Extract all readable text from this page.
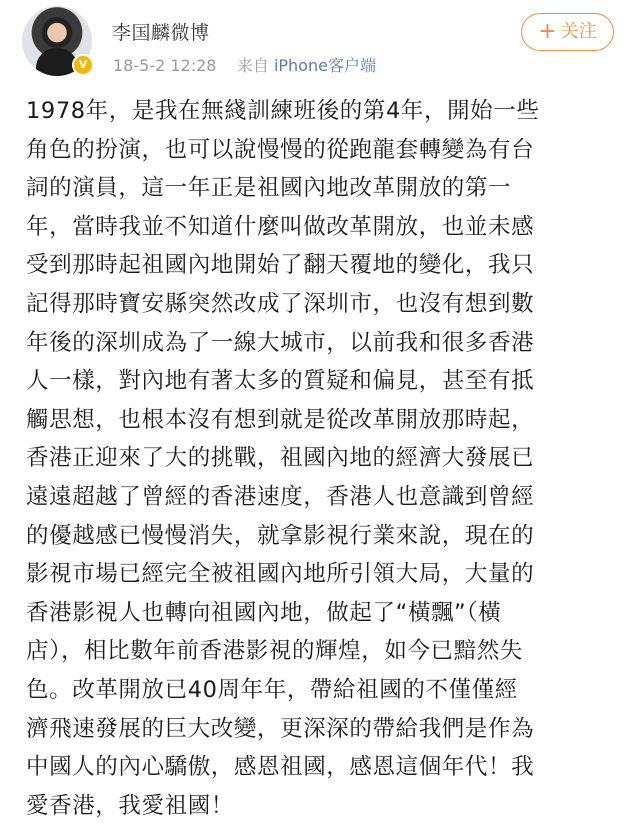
V
李国麟微博
18-5-2 12:28 来自 iPhone客户端
+ 关注
1978年，是我在無綫訓練班後的第4年，開始一些
角色的扮演，也可以說慢慢的從跑龍套轉變為有台
詞的演員，這一年正是祖國內地改革開放的第一
年，當時我並不知道什麼叫做改革開放，也並未感
受到那時起祖國內地開始了翻天覆地的變化，我只
記得那時寶安縣突然改成了深圳市，也沒有想到數
年後的深圳成為了一線大城市，以前我和很多香港
人一樣，對內地有著太多的質疑和偏見，甚至有抵
觸思想，也根本沒有想到就是從改革開放那時起，
香港正迎來了大的挑戰，祖國內地的經濟大發展已
遠遠超越了曾經的香港速度，香港人也意識到曾經
的優越感已慢慢消失，就拿影視行業來說，現在的
影視市場已經完全被祖國內地所引領大局，大量的
香港影視人也轉向祖國內地，做起了“橫飄”（橫
店），相比數年前香港影視的輝煌，如今已黯然失
色。改革開放已40周年年，帶給祖國的不僅僅經
濟飛速發展的巨大改變，更深深的帶給我們是作為
中國人的內心驕傲，感恩祖國，感恩這個年代！我
愛香港，我愛祖國！
